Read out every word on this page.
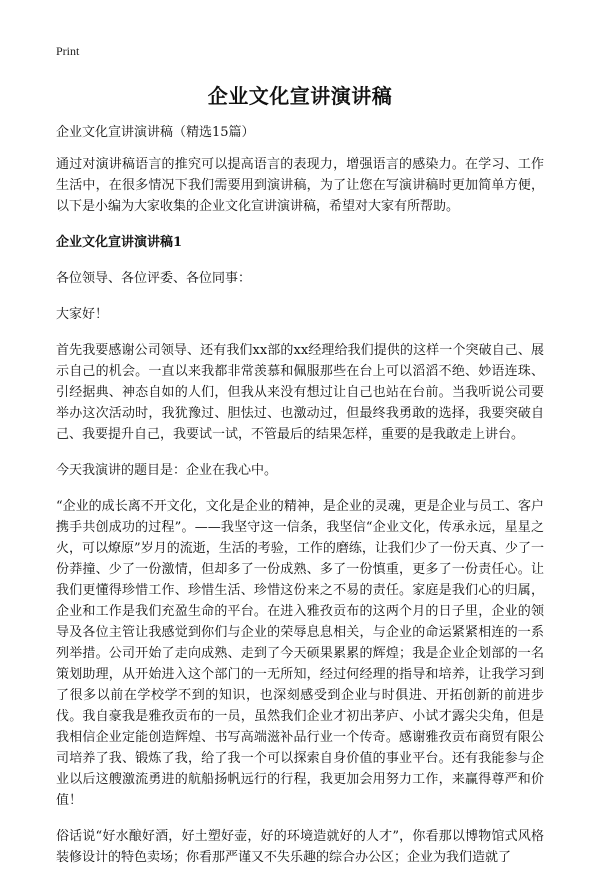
Print
企业文化宣讲演讲稿

企业文化宣讲演讲稿（精选15篇）

通过对演讲稿语言的推究可以提高语言的表现力，增强语言的感染力。在学习、工作生活中，在很多情况下我们需要用到演讲稿，为了让您在写演讲稿时更加简单方便，以下是小编为大家收集的企业文化宣讲演讲稿，希望对大家有所帮助。

企业文化宣讲演讲稿1

各位领导、各位评委、各位同事：

大家好！

首先我要感谢公司领导、还有我们xx部的xx经理给我们提供的这样一个突破自己、展示自己的机会。一直以来我都非常羡慕和佩服那些在台上可以滔滔不绝、妙语连珠、引经据典、神态自如的人们，但我从来没有想过让自己也站在台前。当我听说公司要举办这次活动时，我犹豫过、胆怯过、也激动过，但最终我勇敢的选择，我要突破自己、我要提升自己，我要试一试，不管最后的结果怎样，重要的是我敢走上讲台。

今天我演讲的题目是：企业在我心中。

“企业的成长离不开文化，文化是企业的精神，是企业的灵魂，更是企业与员工、客户携手共创成功的过程”。——我坚守这一信条，我坚信“企业文化，传承永远，星星之火，可以燎原”岁月的流逝，生活的考验，工作的磨练，让我们少了一份天真、少了一份莽撞、少了一份激情，但却多了一份成熟、多了一份慎重，更多了一份责任心。让我们更懂得珍惜工作、珍惜生活、珍惜这份来之不易的责任。家庭是我们心的归属，企业和工作是我们充盈生命的平台。在进入雅孜贡布的这两个月的日子里，企业的领导及各位主管让我感觉到你们与企业的荣辱息息相关，与企业的命运紧紧相连的一系列举措。公司开始了走向成熟、走到了今天硕果累累的辉煌；我是企业企划部的一名策划助理，从开始进入这个部门的一无所知，经过何经理的指导和培养，让我学习到了很多以前在学校学不到的知识，也深刻感受到企业与时俱进、开拓创新的前进步伐。我自豪我是雅孜贡布的一员，虽然我们企业才初出茅庐、小试才露尖尖角，但是我相信企业定能创造辉煌、书写高端滋补品行业一个传奇。感谢雅孜贡布商贸有限公司培养了我、锻炼了我，给了我一个可以探索自身价值的事业平台。还有我能参与企业以后这艘激流勇进的航船扬帆远行的行程，我更加会用努力工作，来赢得尊严和价值！

俗话说“好水酿好酒，好土塑好壶，好的环境造就好的人才”，你看那以博物馆式风格装修设计的特色卖场；你看那严谨又不失乐趣的综合办公区；企业为我们造就了
